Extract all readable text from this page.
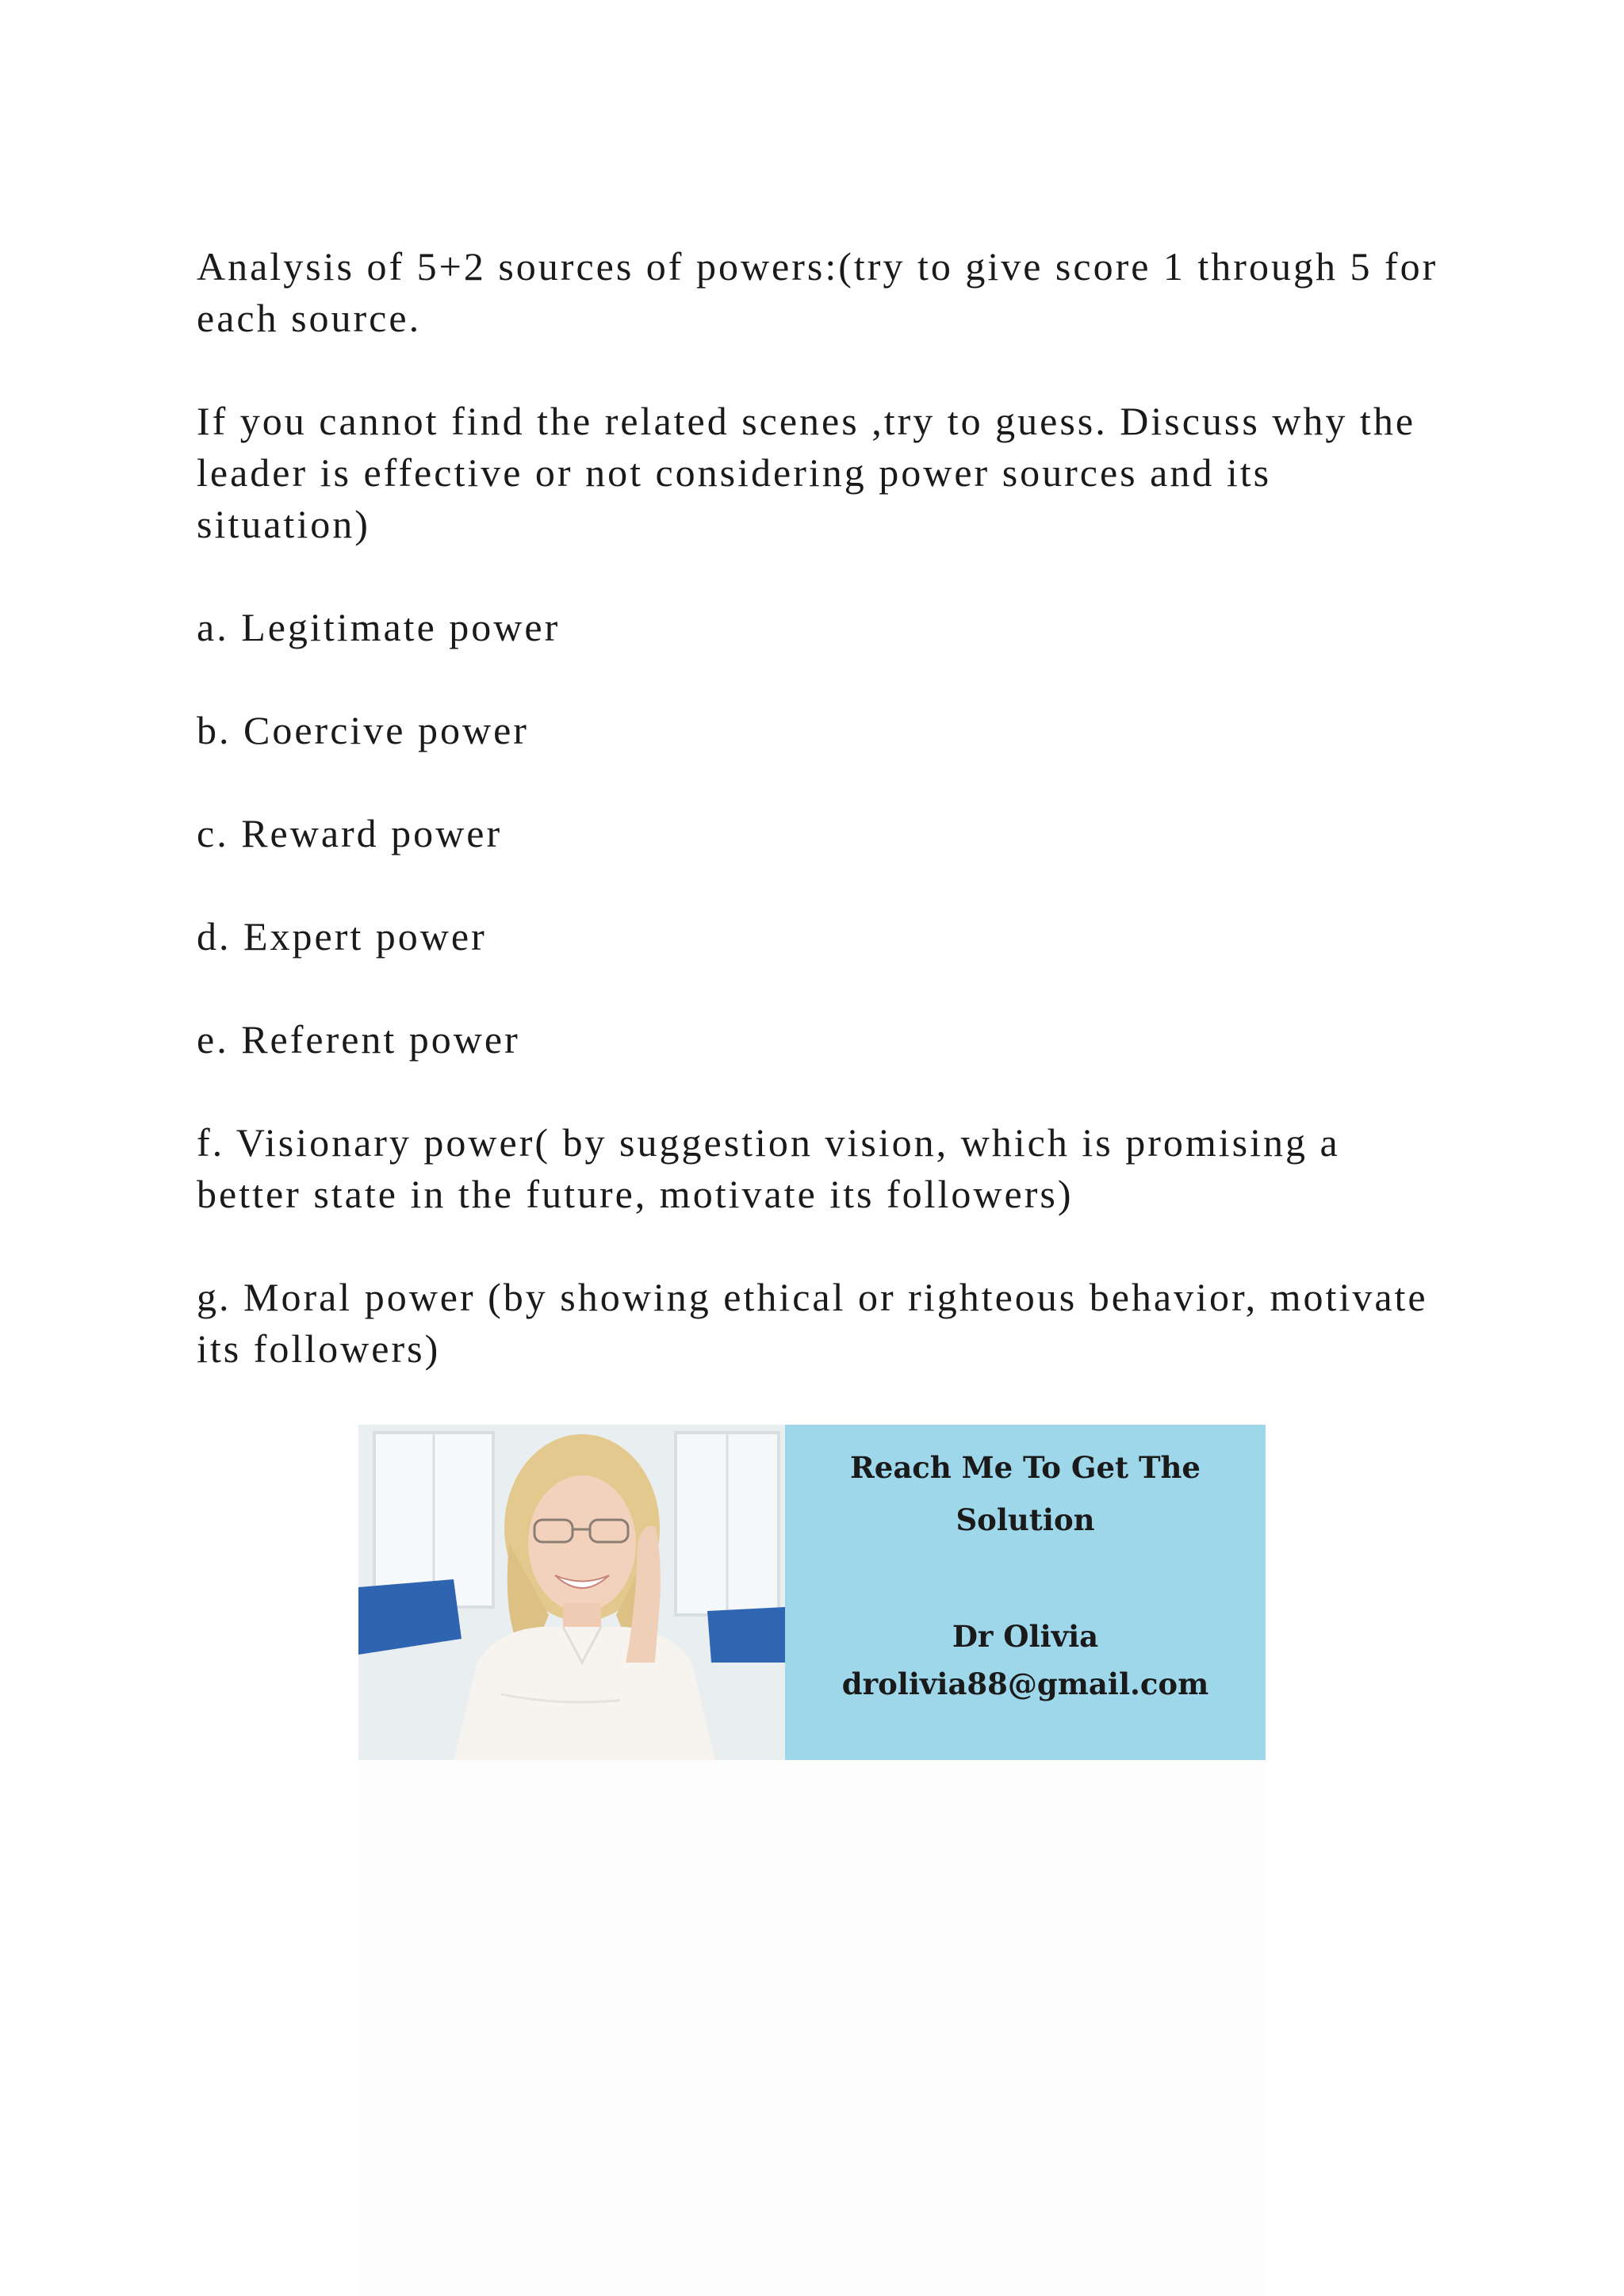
Analysis of 5+2 sources of powers:(try to give score 1 through 5 for each source.

If you cannot find the related scenes ,try to guess. Discuss why the leader is effective or not considering power sources and its situation)

a. Legitimate power

b. Coercive power

c. Reward power

d. Expert power

e. Referent power

f. Visionary power( by suggestion vision, which is promising a better state in the future, motivate its followers)

g. Moral power (by showing ethical or righteous behavior, motivate its followers)

Reach Me To Get The
Solution
Dr Olivia
drolivia88@gmail.com
